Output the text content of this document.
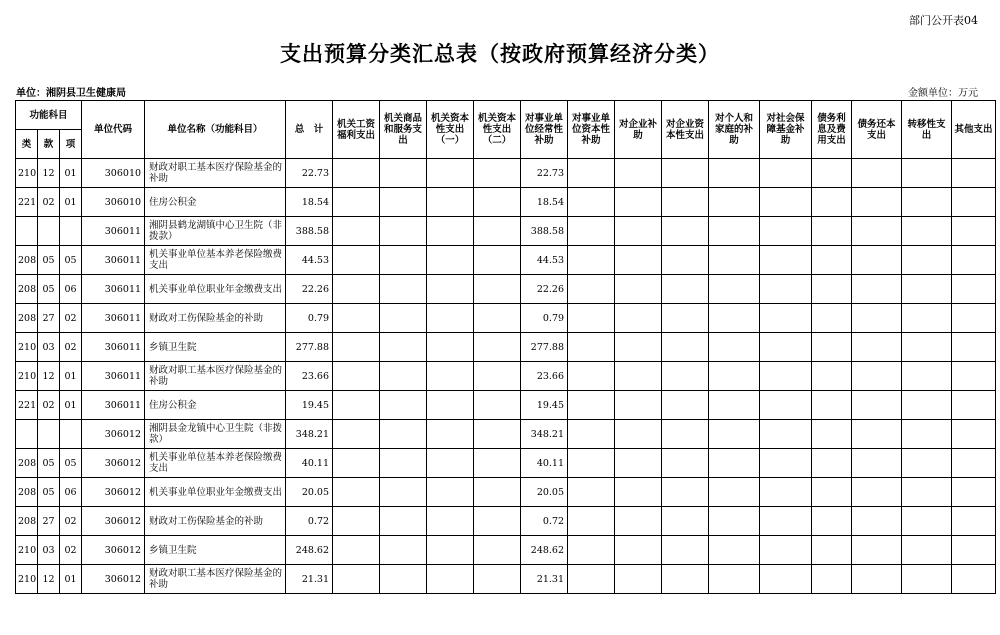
部门公开表04
支出预算分类汇总表（按政府预算经济分类）
单位：湘阴县卫生健康局	金额单位：万元
功能科目			单位代码	单位名称（功能科目）	总　计	机关工资福利支出	机关商品和服务支出	机关资本性支出（一）	机关资本性支出（二）	对事业单位经常性补助	对事业单位资本性补助	对企业补助	对企业资本性支出	对个人和家庭的补助	对社会保障基金补助	债务利息及费用支出	债务还本支出	转移性支出	其他支出
类	款	项																	
210	12	01	306010	财政对职工基本医疗保险基金的补助	22.73					22.73									
221	02	01	306010	住房公积金	18.54					18.54									
			306011	湘阴县鹤龙湖镇中心卫生院（非拨款）	388.58					388.58									
208	05	05	306011	机关事业单位基本养老保险缴费支出	44.53					44.53									
208	05	06	306011	机关事业单位职业年金缴费支出	22.26					22.26									
208	27	02	306011	财政对工伤保险基金的补助	0.79					0.79									
210	03	02	306011	乡镇卫生院	277.88					277.88									
210	12	01	306011	财政对职工基本医疗保险基金的补助	23.66					23.66									
221	02	01	306011	住房公积金	19.45					19.45									
			306012	湘阴县金龙镇中心卫生院（非拨款）	348.21					348.21									
208	05	05	306012	机关事业单位基本养老保险缴费支出	40.11					40.11									
208	05	06	306012	机关事业单位职业年金缴费支出	20.05					20.05									
208	27	02	306012	财政对工伤保险基金的补助	0.72					0.72									
210	03	02	306012	乡镇卫生院	248.62					248.62									
210	12	01	306012	财政对职工基本医疗保险基金的补助	21.31					21.31									
